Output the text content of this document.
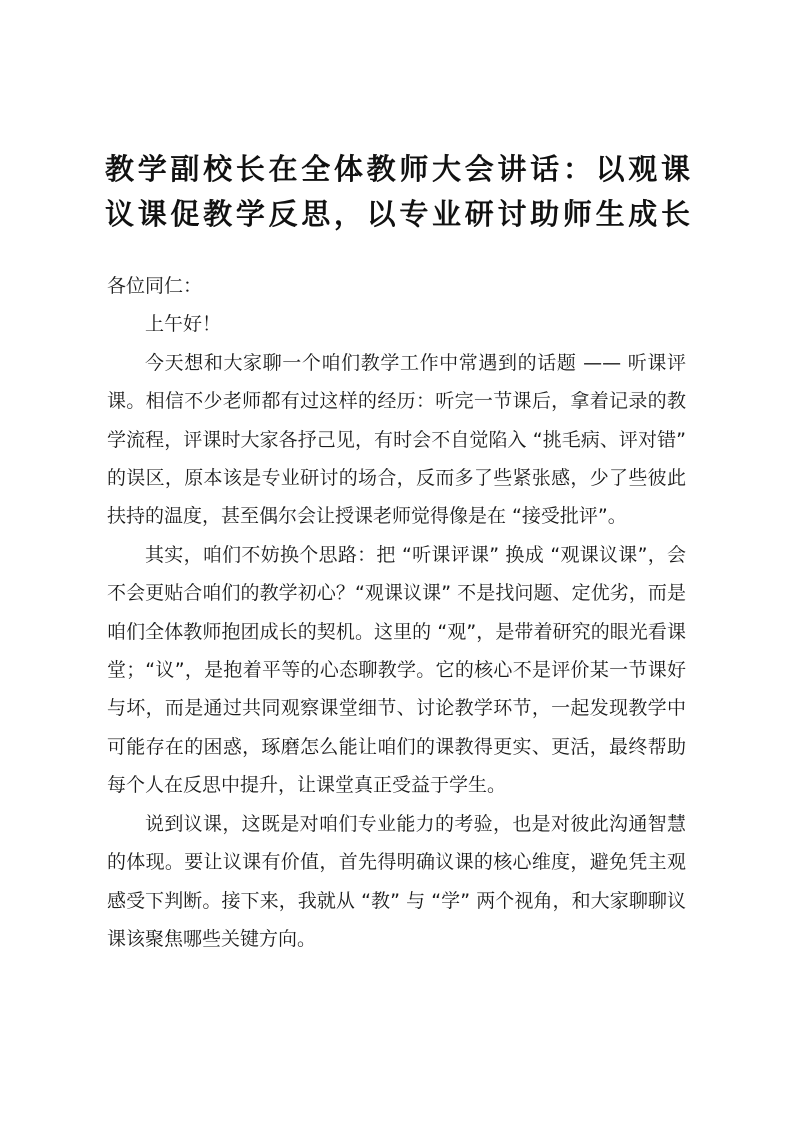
教学副校长在全体教师大会讲话：以观课
议课促教学反思，以专业研讨助师生成长

各位同仁：

上午好！

今天想和大家聊一个咱们教学工作中常遇到的话题 —— 听课评课。相信不少老师都有过这样的经历：听完一节课后，拿着记录的教学流程，评课时大家各抒己见，有时会不自觉陷入 “挑毛病、评对错” 的误区，原本该是专业研讨的场合，反而多了些紧张感，少了些彼此扶持的温度，甚至偶尔会让授课老师觉得像是在 “接受批评”。

其实，咱们不妨换个思路：把 “听课评课” 换成 “观课议课”，会不会更贴合咱们的教学初心？“观课议课” 不是找问题、定优劣，而是咱们全体教师抱团成长的契机。这里的 “观”，是带着研究的眼光看课堂；“议”，是抱着平等的心态聊教学。它的核心不是评价某一节课好与坏，而是通过共同观察课堂细节、讨论教学环节，一起发现教学中可能存在的困惑，琢磨怎么能让咱们的课教得更实、更活，最终帮助每个人在反思中提升，让课堂真正受益于学生。

说到议课，这既是对咱们专业能力的考验，也是对彼此沟通智慧的体现。要让议课有价值，首先得明确议课的核心维度，避免凭主观感受下判断。接下来，我就从 “教” 与 “学” 两个视角，和大家聊聊议课该聚焦哪些关键方向。
